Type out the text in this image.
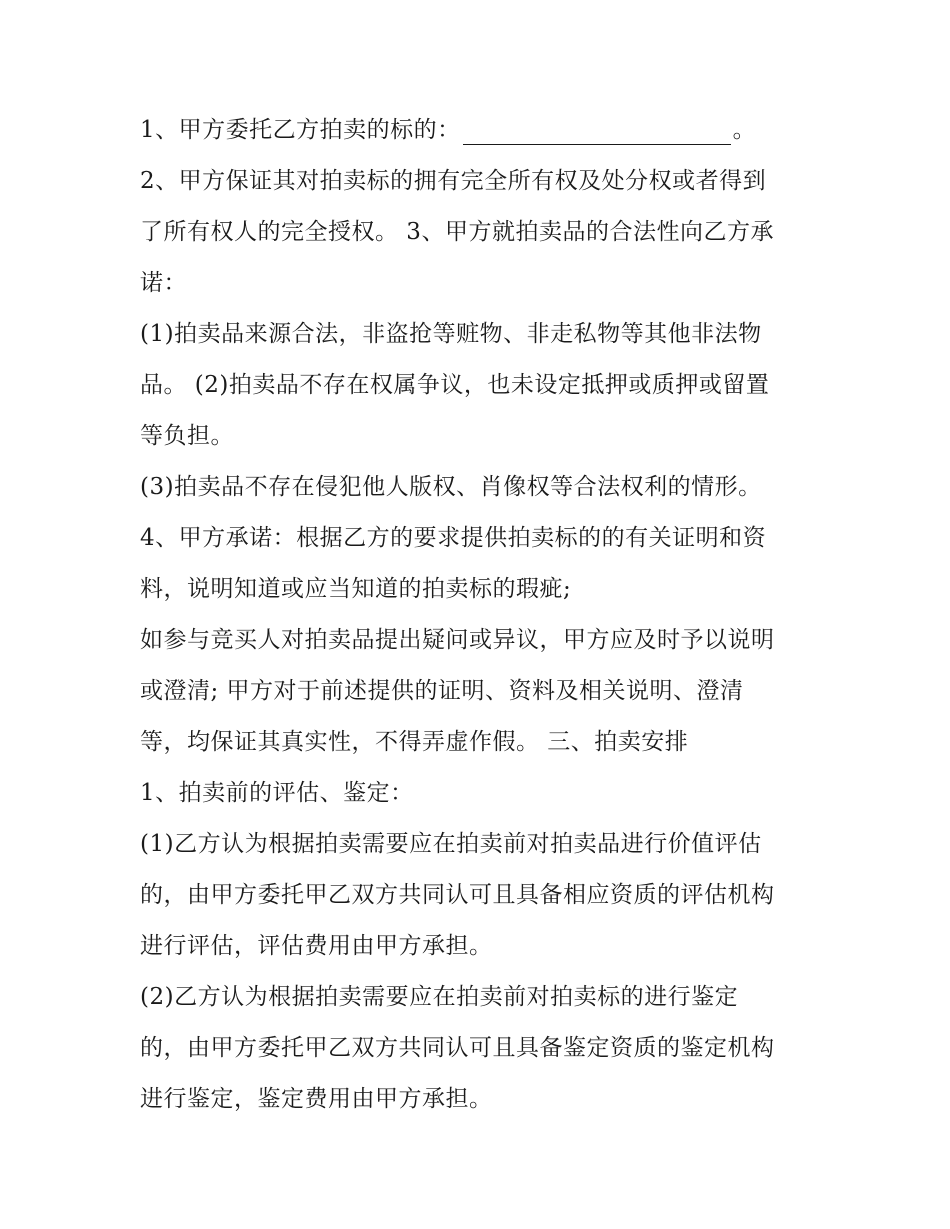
1、甲方委托乙方拍卖的标的：	。
2、甲方保证其对拍卖标的拥有完全所有权及处分权或者得到
了所有权人的完全授权。 3、甲方就拍卖品的合法性向乙方承
诺：
(1)拍卖品来源合法，非盗抢等赃物、非走私物等其他非法物
品。 (2)拍卖品不存在权属争议，也未设定抵押或质押或留置
等负担。
(3)拍卖品不存在侵犯他人版权、肖像权等合法权利的情形。
4、甲方承诺：根据乙方的要求提供拍卖标的的有关证明和资
料，说明知道或应当知道的拍卖标的瑕疵;
如参与竞买人对拍卖品提出疑问或异议，甲方应及时予以说明
或澄清; 甲方对于前述提供的证明、资料及相关说明、澄清
等，均保证其真实性，不得弄虚作假。 三、拍卖安排
1、拍卖前的评估、鉴定：
(1)乙方认为根据拍卖需要应在拍卖前对拍卖品进行价值评估
的，由甲方委托甲乙双方共同认可且具备相应资质的评估机构
进行评估，评估费用由甲方承担。
(2)乙方认为根据拍卖需要应在拍卖前对拍卖标的进行鉴定
的，由甲方委托甲乙双方共同认可且具备鉴定资质的鉴定机构
进行鉴定，鉴定费用由甲方承担。
